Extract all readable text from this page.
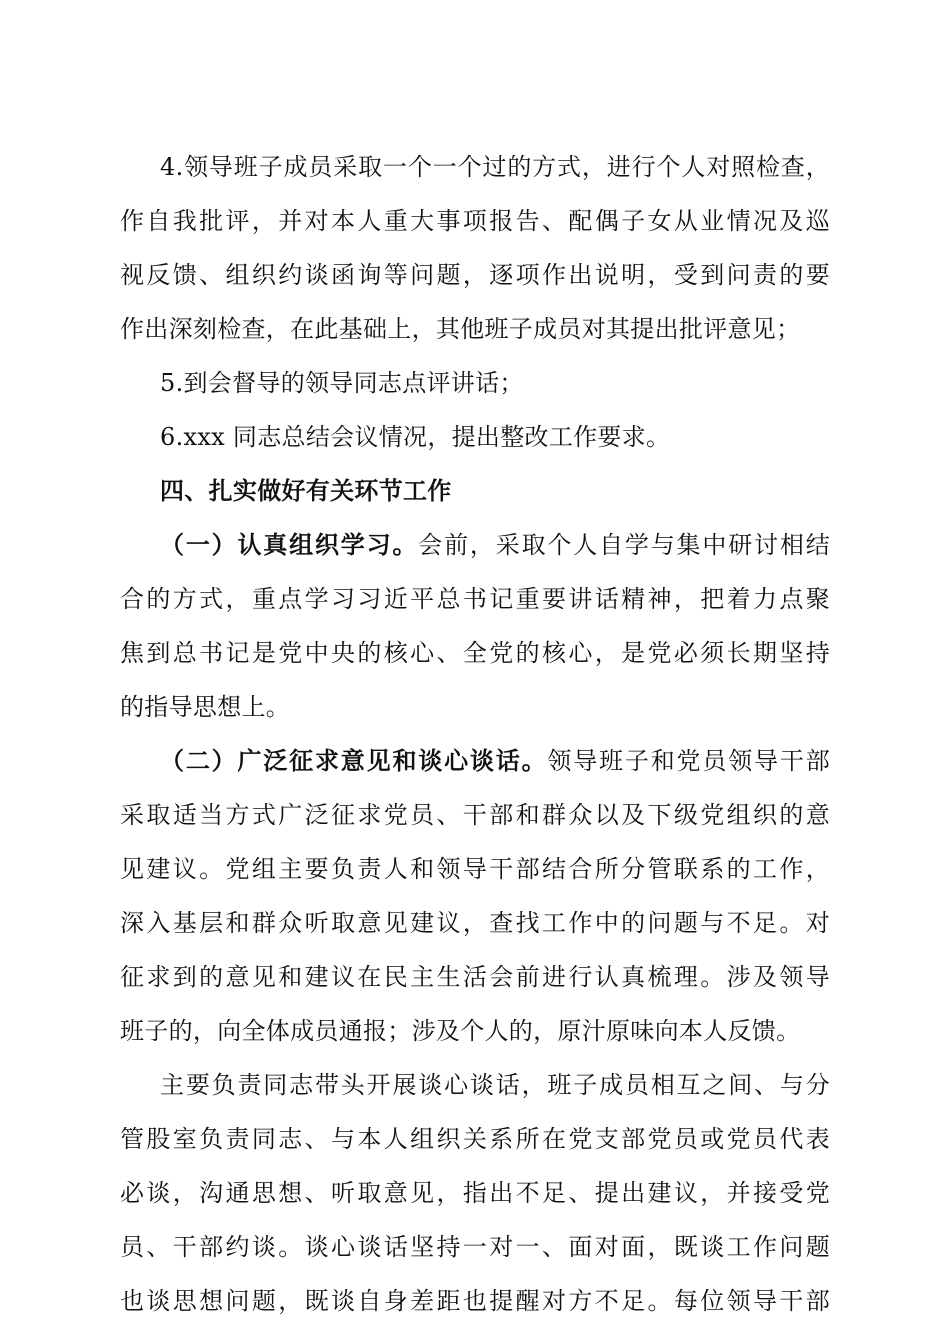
4.领导班子成员采取一个一个过的方式，进行个人对照检查，
作自我批评，并对本人重大事项报告、配偶子女从业情况及巡
视反馈、组织约谈函询等问题，逐项作出说明，受到问责的要
作出深刻检查，在此基础上，其他班子成员对其提出批评意见；
5.到会督导的领导同志点评讲话；
6.xxx 同志总结会议情况，提出整改工作要求。
四、扎实做好有关环节工作
（一）认真组织学习。会前，采取个人自学与集中研讨相结
合的方式，重点学习习近平总书记重要讲话精神，把着力点聚
焦到总书记是党中央的核心、全党的核心，是党必须长期坚持
的指导思想上。
（二）广泛征求意见和谈心谈话。领导班子和党员领导干部
采取适当方式广泛征求党员、干部和群众以及下级党组织的意
见建议。党组主要负责人和领导干部结合所分管联系的工作，
深入基层和群众听取意见建议，查找工作中的问题与不足。对
征求到的意见和建议在民主生活会前进行认真梳理。涉及领导
班子的，向全体成员通报；涉及个人的，原汁原味向本人反馈。
主要负责同志带头开展谈心谈话，班子成员相互之间、与分
管股室负责同志、与本人组织关系所在党支部党员或党员代表
必谈，沟通思想、听取意见，指出不足、提出建议，并接受党
员、干部约谈。谈心谈话坚持一对一、面对面，既谈工作问题
也谈思想问题，既谈自身差距也提醒对方不足。每位领导干部
